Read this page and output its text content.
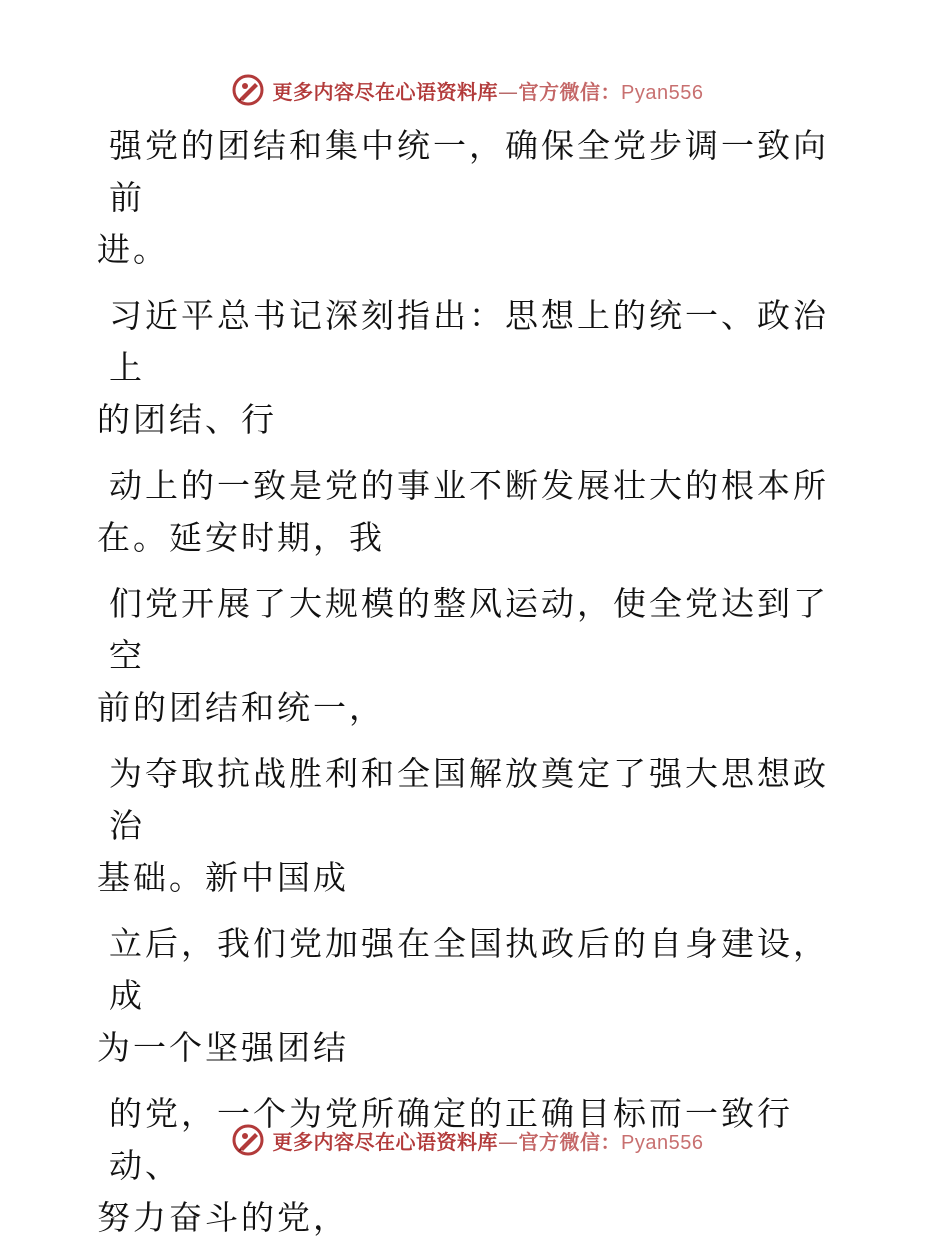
更多内容尽在心语资料库—官方微信：Pyan556

强党的团结和集中统一，确保全党步调一致向前
进。

习近平总书记深刻指出：思想上的统一、政治上
的团结、行

动上的一致是党的事业不断发展壮大的根本所
在。延安时期，我

们党开展了大规模的整风运动，使全党达到了空
前的团结和统一，

为夺取抗战胜利和全国解放奠定了强大思想政治
基础。新中国成

立后，我们党加强在全国执政后的自身建设，成
为一个坚强团结

的党，一个为党所确定的正确目标而一致行动、
努力奋斗的党，

更多内容尽在心语资料库—官方微信：Pyan556
